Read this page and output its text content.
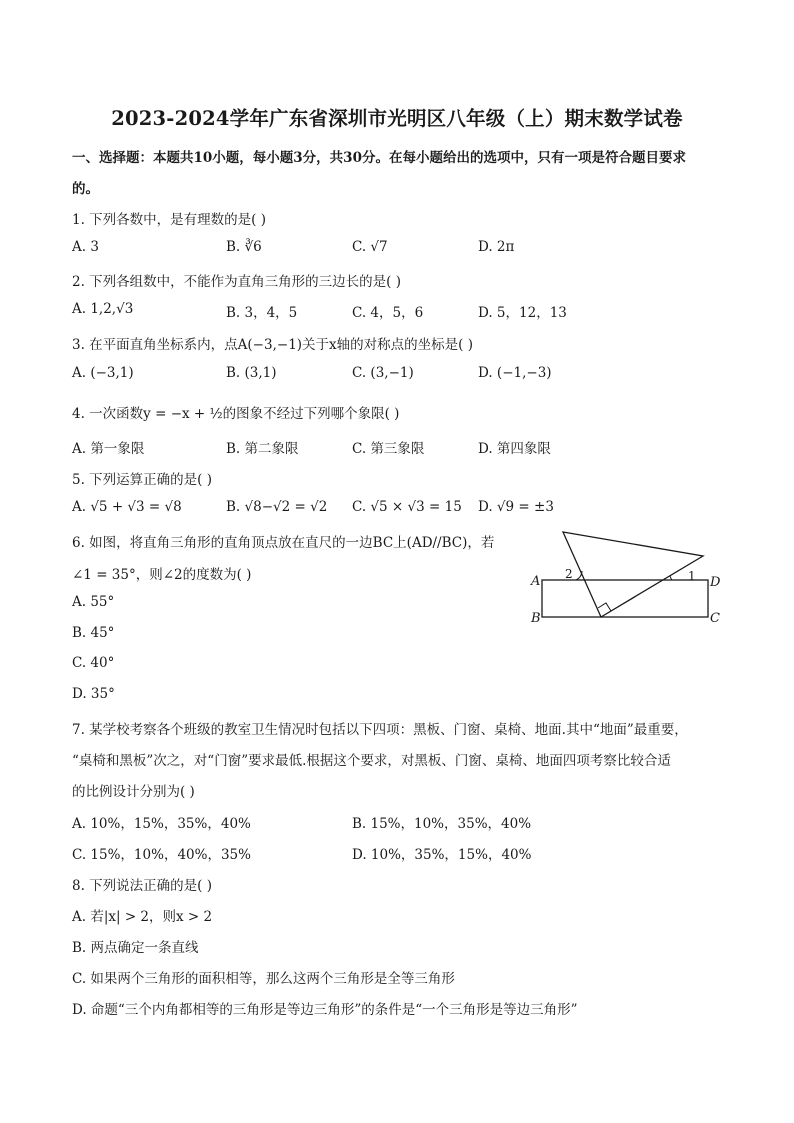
2023-2024学年广东省深圳市光明区八年级（上）期末数学试卷
一、选择题：本题共10小题，每小题3分，共30分。在每小题给出的选项中，只有一项是符合题目要求
的。
1. 下列各数中，是有理数的是( )
A. 3	B. ∛6	C. √7	D. 2π
2. 下列各组数中，不能作为直角三角形的三边长的是( )
A. 1,2,√3	B. 3，4，5	C. 4，5，6	D. 5，12，13
3. 在平面直角坐标系内，点A(−3,−1)关于x轴的对称点的坐标是( )
A. (−3,1)	B. (3,1)	C. (3,−1)	D. (−1,−3)
4. 一次函数y = −x + ½的图象不经过下列哪个象限( )
A. 第一象限	B. 第二象限	C. 第三象限	D. 第四象限
5. 下列运算正确的是( )
A. √5 + √3 = √8	B. √8−√2 = √2 C. √5 × √3 = 15 D. √9 = ±3
6. 如图，将直角三角形的直角顶点放在直尺的一边BC上(AD//BC)，若
∠1 = 35°，则∠2的度数为( )
A. 55°
B. 45°
C. 40°
D. 35°
A
B	C
D
1
2
7. 某学校考察各个班级的教室卫生情况时包括以下四项：黑板、门窗、桌椅、地面.其中“地面”最重要，
“桌椅和黑板”次之，对“门窗”要求最低.根据这个要求，对黑板、门窗、桌椅、地面四项考察比较合适
的比例设计分别为( )
A. 10%，15%，35%，40%	B. 15%，10%，35%，40%
C. 15%，10%，40%，35%	D. 10%，35%，15%，40%
8. 下列说法正确的是( )
A. 若|x| > 2，则x > 2
B. 两点确定一条直线
C. 如果两个三角形的面积相等，那么这两个三角形是全等三角形
D. 命题“三个内角都相等的三角形是等边三角形”的条件是“一个三角形是等边三角形”
